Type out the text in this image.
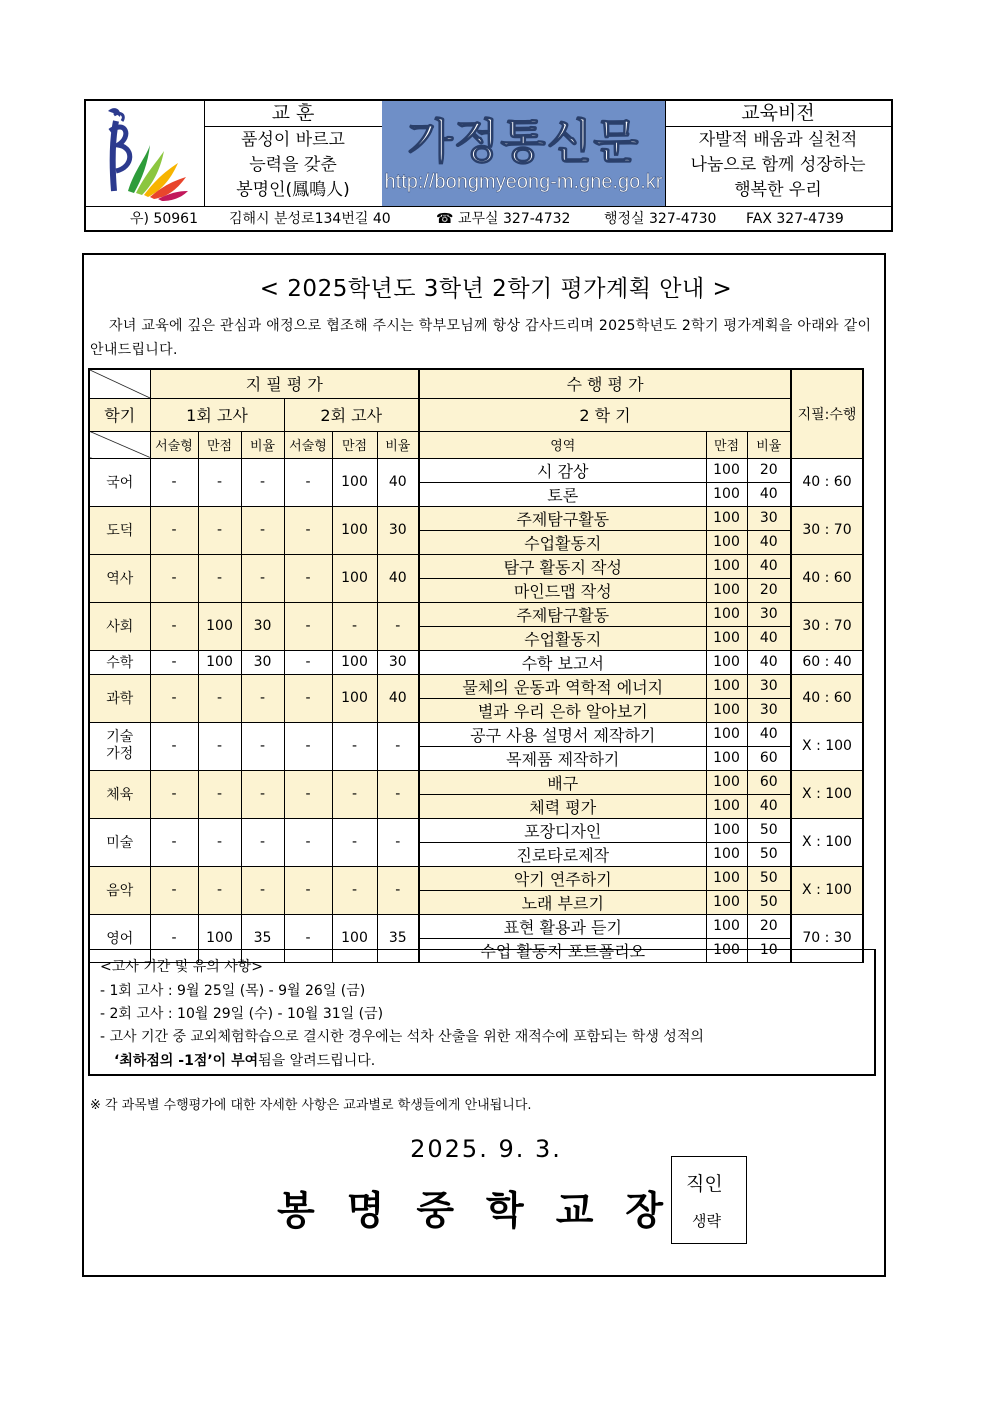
교 훈
품성이 바르고
능력을 갖춘
봉명인(鳳鳴人)
가정통신문
http://bongmyeong-m.gne.go.kr
교육비전
자발적 배움과 실천적
나눔으로 함께 성장하는
행복한 우리

우) 50961

김해시 분성로134번길 40

	☎

교무실 327-4732

행정실 327-4730

FAX 327-4739

< 2025학년도 3학년 2학기 평가계획 안내 >
자녀 교육에 깊은 관심과 애정으로 협조해 주시는 학부모님께 항상 감사드리며 2025학년도 2학기 평가계획을 아래와 같이 안내드립니다.
	지 필 평 가						수 행 평 가			지필:수행
학기	1회 고사			2회 고사			2 학 기			
	서술형	만점	비율	서술형	만점	비율	영역	만점	비율	
국어	-	-	-	-	100	40	시 감상	100	20	40 : 60
							토론	100	40	
도덕	-	-	-	-	100	30	주제탐구활동	100	30	30 : 70
							수업활동지	100	40	
역사	-	-	-	-	100	40	탐구 활동지 작성	100	40	40 : 60
							마인드맵 작성	100	20	
사회	-	100	30	-	-	-	주제탐구활동	100	30	30 : 70
							수업활동지	100	40	
수학	-	100	30	-	100	30	수학 보고서	100	40	60 : 40
과학	-	-	-	-	100	40	물체의 운동과 역학적 에너지	100	30	40 : 60
							별과 우리 은하 알아보기	100	30	
기술
가정	-	-	-	-	-	-	공구 사용 설명서 제작하기	100	40	X : 100
							목제품 제작하기	100	60	
체육	-	-	-	-	-	-	배구	100	60	X : 100
							체력 평가	100	40	
미술	-	-	-	-	-	-	포장디자인	100	50	X : 100
							진로타로제작	100	50	
음악	-	-	-	-	-	-	악기 연주하기	100	50	X : 100
							노래 부르기	100	50	
영어	-	100	35	-	100	35	표현 활용과 듣기	100	20	70 : 30
							수업 활동지 포트폴리오	100	10	
<고사 기간 및 유의 사항>
- 1회 고사 : 9월 25일 (목) - 9월 26일 (금)
- 2회 고사 : 10월 29일 (수) - 10월 31일 (금)
- 고사 기간 중 교외체험학습으로 결시한 경우에는 석차 산출을 위한 재적수에 포함되는 학생 성적의
‘최하점의 -1점’이 부여됨을 알려드립니다.
※ 각 과목별 수행평가에 대한 자세한 사항은 교과별로 학생들에게 안내됩니다.
2025. 9. 3.
봉명중학교장
직인
생략
